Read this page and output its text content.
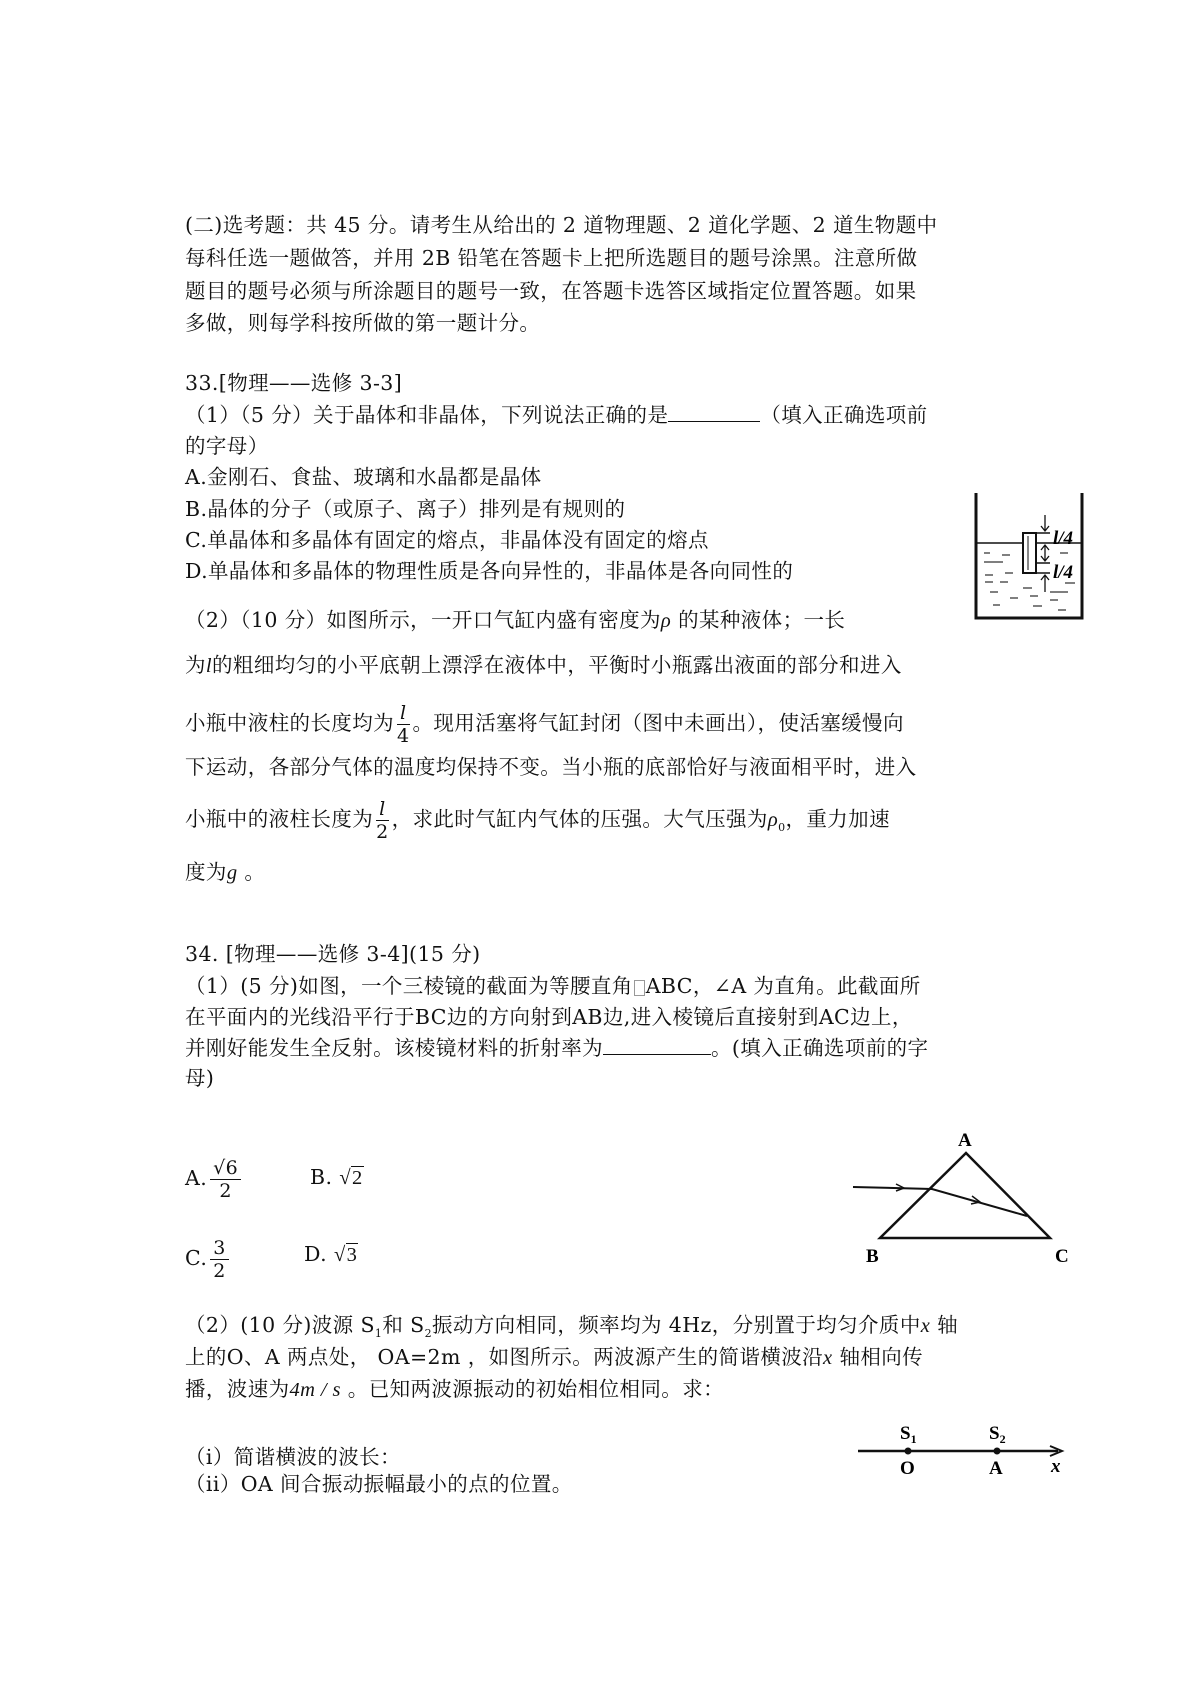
(二)选考题：共 45 分。请考生从给出的 2 道物理题、2 道化学题、2 道生物题中
每科任选一题做答，并用 2B 铅笔在答题卡上把所选题目的题号涂黑。注意所做
题目的题号必须与所涂题目的题号一致，在答题卡选答区域指定位置答题。如果
多做，则每学科按所做的第一题计分。
33.[物理——选修 3-3]
（1）（5 分）关于晶体和非晶体，下列说法正确的是	（填入正确选项前
的字母）
A.金刚石、食盐、玻璃和水晶都是晶体
B.晶体的分子（或原子、离子）排列是有规则的
C.单晶体和多晶体有固定的熔点，非晶体没有固定的熔点
D.单晶体和多晶体的物理性质是各向异性的，非晶体是各向同性的
（2）（10 分）如图所示，一开口气缸内盛有密度为ρ 的某种液体；一长
为l的粗细均匀的小平底朝上漂浮在液体中，平衡时小瓶露出液面的部分和进入
小瓶中液柱的长度均为 $\frac{l}{4}$ 。现用活塞将气缸封闭（图中未画出），使活塞缓慢向
下运动，各部分气体的温度均保持不变。当小瓶的底部恰好与液面相平时，进入
小瓶中的液柱长度为 $\frac{l}{2}$ ，求此时气缸内气体的压强。大气压强为$\rho_0$，重力加速
度为g 。
l/4
l/4
34. [物理——选修 3-4](15 分)
（1）(5 分)如图，一个三棱镜的截面为等腰直角 ABC，∠A 为直角。此截面所
在平面内的光线沿平行于BC边的方向射到AB边,进入棱镜后直接射到AC边上，
并刚好能发生全反射。该棱镜材料的折射率为	。(填入正确选项前的字
母)
A. $\frac{√6}{2}$	B. √2
C. $\frac{3}{2}$	D. √3
A
B	C
（2）(10 分)波源 $S_1$和 $S_2$振动方向相同，频率均为 4Hz，分别置于均匀介质中x 轴
上的O、A 两点处， OA=2m ，如图所示。两波源产生的简谐横波沿x 轴相向传
播，波速为4m / s 。已知两波源振动的初始相位相同。求：
（i）简谐横波的波长：
（ii）OA 间合振动振幅最小的点的位置。
$S_1$	$S_2$
O	A	x
